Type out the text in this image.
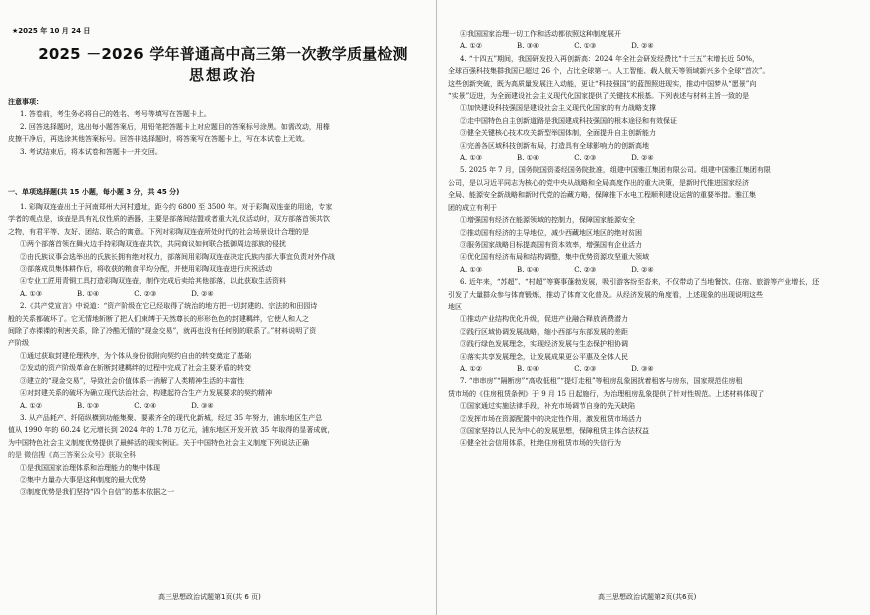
★2025 年 10 月 24 日
2025 －2026 学年普通高中高三第一次教学质量检测
思想政治
注意事项：
1. 答卷前，考生务必将自己的姓名、考号等填写在答题卡上。
2. 回答选择题时，选出每小题答案后，用铅笔把答题卡上对应题目的答案标号涂黑。如需改动，用橡
皮擦干净后，再选涂其他答案标号。回答非选择题时，将答案写在答题卡上，写在本试卷上无效。
3. 考试结束后，将本试卷和答题卡一并交回。
一、单项选择题(共 15 小题，每小题 3 分，共 45 分)
1. 彩陶双连壶出土于河南郑州大河村遗址，距今约 6800 至 3500 年。对于彩陶双连壶的用途，专家
学者的观点是，该壶是具有礼仪性质的酒器，主要是部落间结盟或者重大礼仪活动时，双方部落首领共饮
之物，有君平等、友好、团结、联合的寓意。下列对彩陶双连壶所处时代的社会场景设计合理的是
①两个部落首领在舞火边手持彩陶双连壶共饮，共同商议如何联合抵御周边部族的侵扰
②由氏族议事会选举出的氏族长拥有绝对权力，部落间用彩陶双连壶决定氏族内部大事宜负责对外作战
③部落成员集体耕作后，将收获的粮食平均分配，并使用彩陶双连壶进行庆祝活动
④专业工匠用青铜工具打造彩陶双连壶，制作完成后卖给其他部落，以此获取生活资料
A. ①③　　　　　B. ①④　　　　　C. ②③　　　　　D. ②④
2.《共产党宣言》中说道：“资产阶级在它已经取得了统治的地方把一切封建的、宗法的和田园诗
般的关系都破坏了。它无情地斩断了把人们束缚于天然尊长的形形色色的封建羁绊，它使人和人之
间除了赤裸裸的利害关系，除了冷酷无情的“现金交易”，就再也没有任何别的联系了。”材料说明了资
产阶级
①通过获取封建伦理秩序，为个体从身份依附向契约自由的转变奠定了基础
②发动的资产阶级革命在斩断封建羁绊的过程中完成了社会主要矛盾的转变
③建立的“现金交易”，导致社会价值体系一消解了人类精神生活的丰富性
④对封建关系的破坏为确立现代法治社会，构建起符合生产力发展要求的契约精神
A. ①②　　　　　B. ①③　　　　　C. ②④　　　　　D. ③④
3. 从产品耗产、纤陌纵横到功能集聚、要素齐全的现代化新城，经过 35 年努力，浦东地区生产总
值从 1990 年的 60.24 亿元增长到 2024 年的 1.78 万亿元，浦东地区开发开放 35 年取得的显著成就，
为中国特色社会主义制度优势提供了最鲜活的现实例证。关于中国特色社会主义制度下列说法正确
的是 微信搜《高三答案公众号》获取全科
①是我国国家治理体系和治理能力的集中体现
②集中力量办大事是这种制度的最大优势
③制度优势是我们坚持“四个自信”的基本依据之一
高三思想政治试题第1页(共 6 页)
④我国国家治理一切工作和活动都依照这种制度展开
A. ①②　　　　　B. ③④　　　　　C. ①③　　　　　D. ②④
4. “十四五”期间，我国研发投入再创新高：2024 年全社会研发经费比“十三五”末增长近 50%，
全球百强科技集群我国已超过 26 个，占比全球第一。人工智能、载人航天等领域新兴多个全球“首次”。
这些创新突破，既为高质量发展注入动能，更让“科技强国”的蓝图照进现实，推动中国梦从“愿景”向
“实景”迈进，为全面建设社会主义现代化国家提供了关键技术根基。下列表述与材料主旨一致的是
①加快建设科技强国是建设社会主义现代化国家的有力战略支撑
②走中国特色自主创新道路是我国建成科技强国的根本途径和有效保证
③健全关键核心技术攻关新型举国体制，全面提升自主创新能力
④完善各区域科技创新布局，打造具有全球影响力的创新高地
A. ①③　　　　　B. ①④　　　　　C. ②③　　　　　D. ②④
5. 2025 年 7 月，国务院国资委经国务院批准，组建中国雅江集团有限公司。组建中国雅江集团有限
公司，是以习近平同志为核心的党中央从战略和全局高度作出的重大决策，是新时代推进国家经济
全局、能源安全新战略和新时代党的治藏方略，保障推下水电工程顺利建设运营的重要举措。雅江集
团的成立有利于
①增强国有经济在能源领域的控制力，保障国家能源安全
②推动国有经济的主导地位，减少西藏地区地区的绝对贫困
③服务国家战略目标提高国有资本效率，增强国有企业活力
④优化国有经济布局和结构调整，集中优势资源攻坚重大领域
A. ①③　　　　　B. ①④　　　　　C. ②③　　　　　D. ②④
6. 近年来，“苏超”、“村超”等赛事蓬勃发展，吸引游客纷至沓来，不仅带动了当地餐饮、住宿、旅游等产业增长，还
引发了大量群众参与体育锻炼，推动了体育文化普及。从经济发展的角度看，上述现象的出现说明这些
地区
①推动产业结构优化升级，促进产业融合释放消费潜力
②践行区域协调发展战略，缩小西部与东部发展的差距
③践行绿色发展理念，实现经济发展与生态保护相协调
④落实共享发展理念，让发展成果更公平惠及全体人民
A. ①②　　　　　B. ①④　　　　　C. ②③　　　　　D. ③④
7. “串串房”“隔断房”“高收低租”“提灯走租”等租房乱象困扰着租客与房东，国家规范住房租
赁市场的《住房租赁条例》于 9 月 15 日起施行，为治理租房乱象提供了针对性规范。上述材料体现了
①国家通过实施法律手段，补充市场调节自身的先天缺陷
②发挥市场在资源配置中的决定性作用，激发租赁市场活力
③国家坚持以人民为中心的发展思想，保障租赁主体合法权益
④健全社会信用体系，杜绝住房租赁市场的失信行为
高三思想政治试题第2页(共6页)
